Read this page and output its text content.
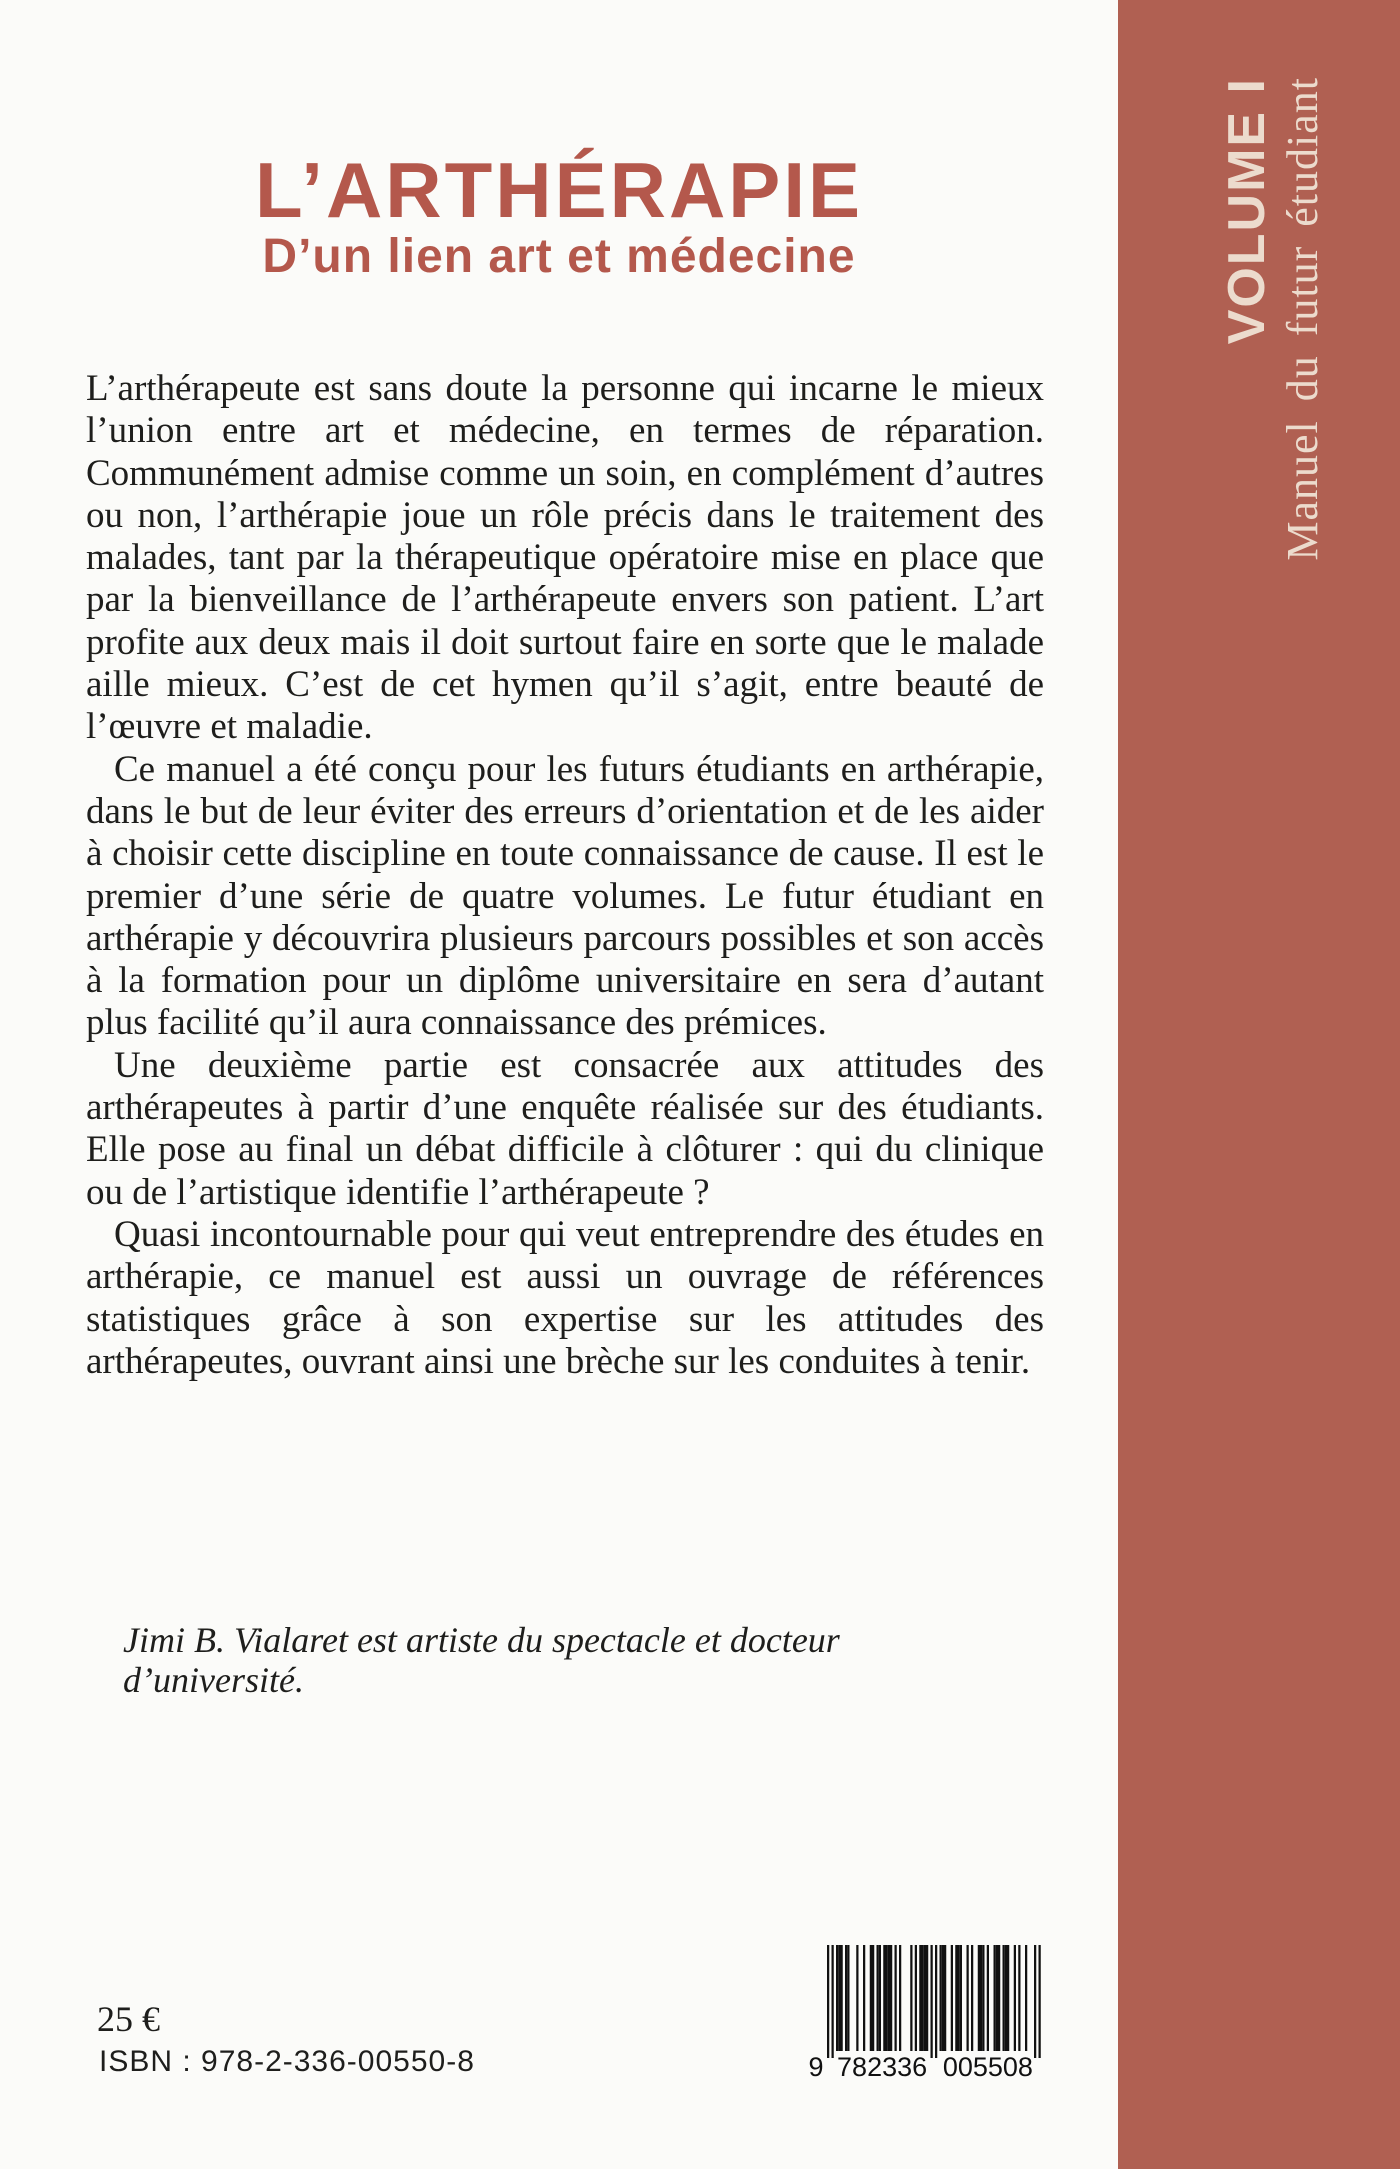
L’ARTHÉRAPIE
D’un lien art et médecine

L’arthérapeute est sans doute la personne qui incarne le mieux l’union entre art et médecine, en termes de réparation. Communément admise comme un soin, en complément d’autres ou non, l’arthérapie joue un rôle précis dans le traitement des malades, tant par la thérapeutique opératoire mise en place que par la bienveillance de l’arthérapeute envers son patient. L’art profite aux deux mais il doit surtout faire en sorte que le malade aille mieux. C’est de cet hymen qu’il s’agit, entre beauté de l’œuvre et maladie.

Ce manuel a été conçu pour les futurs étudiants en arthérapie, dans le but de leur éviter des erreurs d’orientation et de les aider à choisir cette discipline en toute connaissance de cause. Il est le premier d’une série de quatre volumes. Le futur étudiant en arthérapie y découvrira plusieurs parcours possibles et son accès à la formation pour un diplôme universitaire en sera d’autant plus facilité qu’il aura connaissance des prémices.

Une deuxième partie est consacrée aux attitudes des arthérapeutes à partir d’une enquête réalisée sur des étudiants. Elle pose au final un débat difficile à clôturer : qui du clinique ou de l’artistique identifie l’arthérapeute ?

Quasi incontournable pour qui veut entreprendre des études en arthérapie, ce manuel est aussi un ouvrage de références statistiques grâce à son expertise sur les attitudes des arthérapeutes, ouvrant ainsi une brèche sur les conduites à tenir.

Jimi B. Vialaret est artiste du spectacle et docteur d’université.

25 €
ISBN : 978-2-336-00550-8	9 782336 005508
VOLUME I Manuel du futur étudiant
